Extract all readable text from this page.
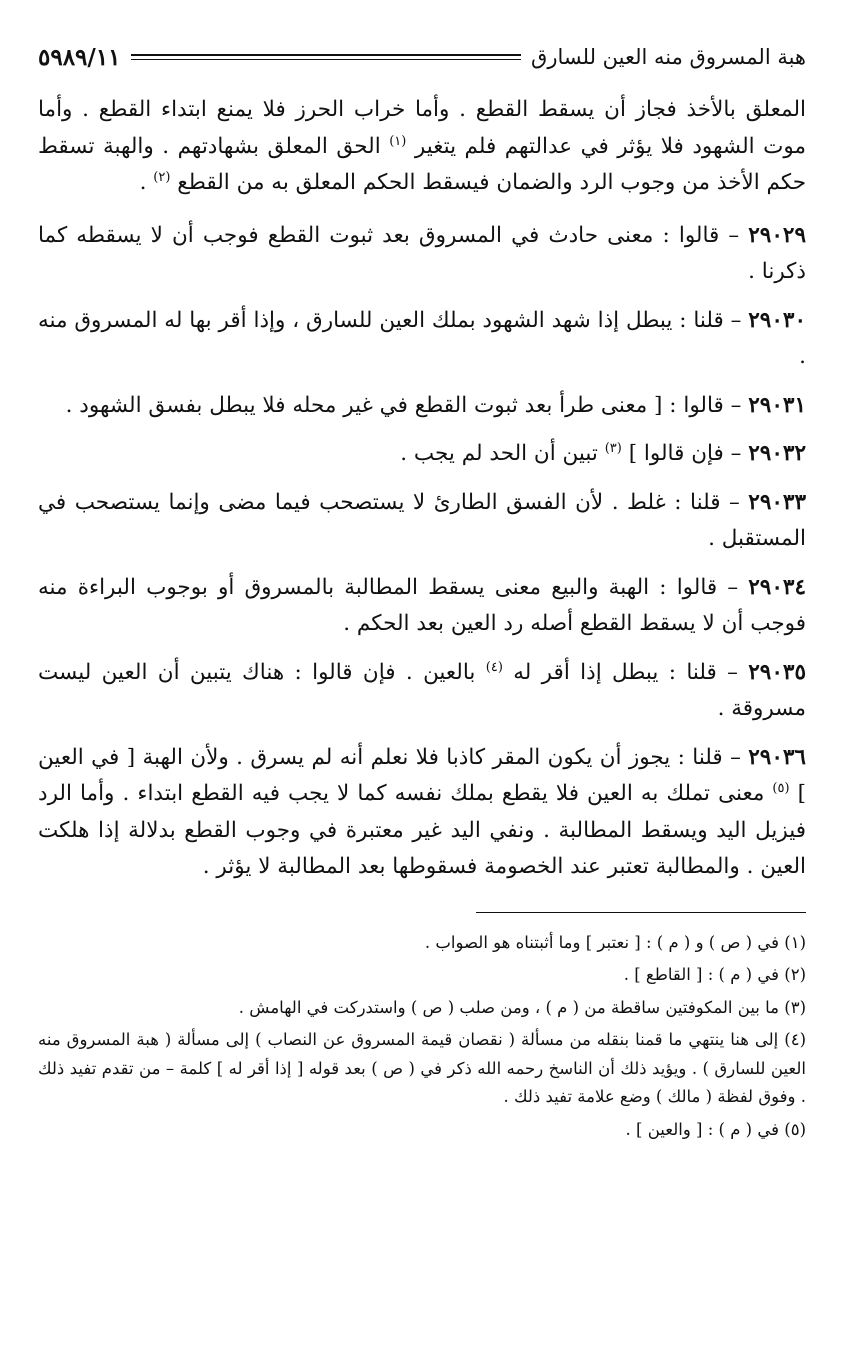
هبة المسروق منه العين للسارق
٥٩٨٩/١١

المعلق بالأخذ فجاز أن يسقط القطع . وأما خراب الحرز فلا يمنع ابتداء القطع . وأما موت الشهود فلا يؤثر في عدالتهم فلم يتغير $^{(١)}$ الحق المعلق بشهادتهم . والهبة تسقط حكم الأخذ من وجوب الرد والضمان فيسقط الحكم المعلق به من القطع $^{(٢)}$ .

٢٩٠٢٩ – قالوا : معنى حادث في المسروق بعد ثبوت القطع فوجب أن لا يسقطه كما ذكرنا .

٢٩٠٣٠ – قلنا : يبطل إذا شهد الشهود بملك العين للسارق ، وإذا أقر بها له المسروق منه .

٢٩٠٣١ – قالوا : [ معنى طرأ بعد ثبوت القطع في غير محله فلا يبطل بفسق الشهود .

٢٩٠٣٢ – فإن قالوا ] $^{(٣)}$ تبين أن الحد لم يجب .

٢٩٠٣٣ – قلنا : غلط . لأن الفسق الطارئ لا يستصحب فيما مضى وإنما يستصحب في المستقبل .

٢٩٠٣٤ – قالوا : الهبة والبيع معنى يسقط المطالبة بالمسروق أو بوجوب البراءة منه فوجب أن لا يسقط القطع أصله رد العين بعد الحكم .

٢٩٠٣٥ – قلنا : يبطل إذا أقر له $^{(٤)}$ بالعين . فإن قالوا : هناك يتبين أن العين ليست مسروقة .

٢٩٠٣٦ – قلنا : يجوز أن يكون المقر كاذبا فلا نعلم أنه لم يسرق . ولأن الهبة [ في العين ] $^{(٥)}$ معنى تملك به العين فلا يقطع بملك نفسه كما لا يجب فيه القطع ابتداء . وأما الرد فيزيل اليد ويسقط المطالبة . ونفي اليد غير معتبرة في وجوب القطع بدلالة إذا هلكت العين . والمطالبة تعتبر عند الخصومة فسقوطها بعد المطالبة لا يؤثر .

(١) في ( ص ) و ( م ) : [ نعتبر ] وما أثبتناه هو الصواب .

(٢) في ( م ) : [ القاطع ] .

(٣) ما بين المكوفتين ساقطة من ( م ) ، ومن صلب ( ص ) واستدركت في الهامش .

(٤) إلى هنا ينتهي ما قمنا بنقله من مسألة ( نقصان قيمة المسروق عن النصاب ) إلى مسألة ( هبة المسروق منه العين للسارق ) . ويؤيد ذلك أن الناسخ رحمه الله ذكر في ( ص ) بعد قوله [ إذا أقر له ] كلمة – من تقدم تفيد ذلك . وفوق لفظة ( مالك ) وضع علامة تفيد ذلك .

(٥) في ( م ) : [ والعين ] .
